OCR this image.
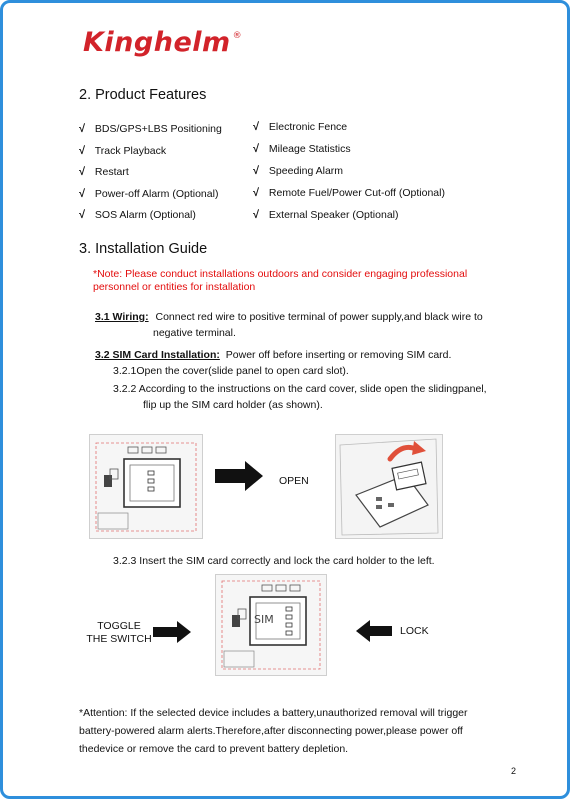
Kinghelm ®
2. Product Features
√ BDS/GPS+LBS Positioning
√ Track Playback
√ Restart
√ Power-off Alarm (Optional)
√ SOS Alarm (Optional)
√ Electronic Fence
√ Mileage Statistics
√ Speeding Alarm
√ Remote Fuel/Power Cut-off (Optional)
√ External Speaker (Optional)
3. Installation Guide
*Note: Please conduct installations outdoors and consider engaging professional
personnel or entities for installation
3.1 Wiring: Connect red wire to positive terminal of power supply,and black wire to
negative terminal.
3.2 SIM Card Installation: Power off before inserting or removing SIM card.
3.2.1Open the cover(slide panel to open card slot).
3.2.2 According to the instructions on the card cover, slide open the slidingpanel,
flip up the SIM card holder (as shown).
OPEN
3.2.3 Insert the SIM card correctly and lock the card holder to the left.
TOGGLE
THE SWITCH
SIM
LOCK
*Attention: If the selected device includes a battery,unauthorized removal will trigger
battery-powered alarm alerts.Therefore,after disconnecting power,please power off
thedevice or remove the card to prevent battery depletion.
2
